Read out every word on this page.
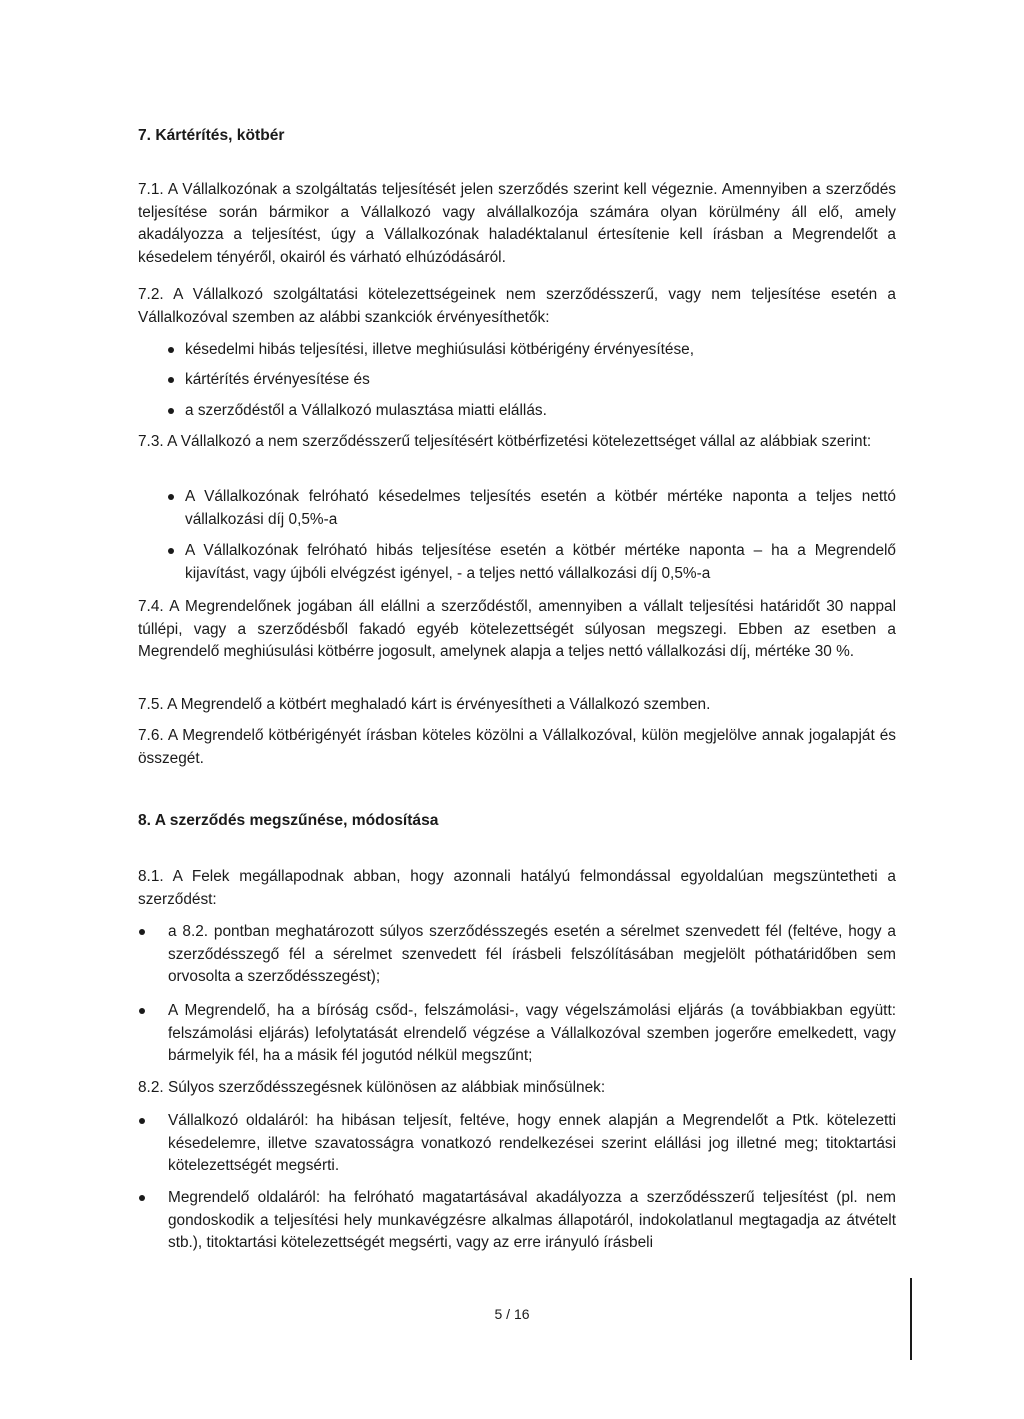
7. Kártérítés, kötbér
7.1. A Vállalkozónak a szolgáltatás teljesítését jelen szerződés szerint kell végeznie. Amennyiben a szerződés teljesítése során bármikor a Vállalkozó vagy alvállalkozója számára olyan körülmény áll elő, amely akadályozza a teljesítést, úgy a Vállalkozónak haladéktalanul értesítenie kell írásban a Megrendelőt a késedelem tényéről, okairól és várható elhúzódásáról.
7.2. A Vállalkozó szolgáltatási kötelezettségeinek nem szerződésszerű, vagy nem teljesítése esetén a Vállalkozóval szemben az alábbi szankciók érvényesíthetők:
késedelmi hibás teljesítési, illetve meghiúsulási kötbérigény érvényesítése,
kártérítés érvényesítése és
a szerződéstől a Vállalkozó mulasztása miatti elállás.
7.3. A Vállalkozó a nem szerződésszerű teljesítésért kötbérfizetési kötelezettséget vállal az alábbiak szerint:
A Vállalkozónak felróható késedelmes teljesítés esetén a kötbér mértéke naponta a teljes nettó vállalkozási díj 0,5%-a
A Vállalkozónak felróható hibás teljesítése esetén a kötbér mértéke naponta – ha a Megrendelő kijavítást, vagy újbóli elvégzést igényel, - a teljes nettó vállalkozási díj 0,5%-a
7.4. A Megrendelőnek jogában áll elállni a szerződéstől, amennyiben a vállalt teljesítési határidőt 30 nappal túllépi, vagy a szerződésből fakadó egyéb kötelezettségét súlyosan megszegi. Ebben az esetben a Megrendelő meghiúsulási kötbérre jogosult, amelynek alapja a teljes nettó vállalkozási díj, mértéke 30 %.
7.5. A Megrendelő a kötbért meghaladó kárt is érvényesítheti a Vállalkozó szemben.
7.6. A Megrendelő kötbérigényét írásban köteles közölni a Vállalkozóval, külön megjelölve annak jogalapját és összegét.
8. A szerződés megszűnése, módosítása
8.1. A Felek megállapodnak abban, hogy azonnali hatályú felmondással egyoldalúan megszüntetheti a szerződést:
a 8.2. pontban meghatározott súlyos szerződésszegés esetén a sérelmet szenvedett fél (feltéve, hogy a szerződésszegő fél a sérelmet szenvedett fél írásbeli felszólításában megjelölt póthatáridőben sem orvosolta a szerződésszegést);
A Megrendelő, ha a bíróság csőd-, felszámolási-, vagy végelszámolási eljárás (a továbbiakban együtt: felszámolási eljárás) lefolytatását elrendelő végzése a Vállalkozóval szemben jogerőre emelkedett, vagy bármelyik fél, ha a másik fél jogutód nélkül megszűnt;
8.2. Súlyos szerződésszegésnek különösen az alábbiak minősülnek:
Vállalkozó oldaláról: ha hibásan teljesít, feltéve, hogy ennek alapján a Megrendelőt a Ptk. kötelezetti késedelemre, illetve szavatosságra vonatkozó rendelkezései szerint elállási jog illetné meg; titoktartási kötelezettségét megsérti.
Megrendelő oldaláról: ha felróható magatartásával akadályozza a szerződésszerű teljesítést (pl. nem gondoskodik a teljesítési hely munkavégzésre alkalmas állapotáról, indokolatlanul megtagadja az átvételt stb.), titoktartási kötelezettségét megsérti, vagy az erre irányuló írásbeli
5 / 16
